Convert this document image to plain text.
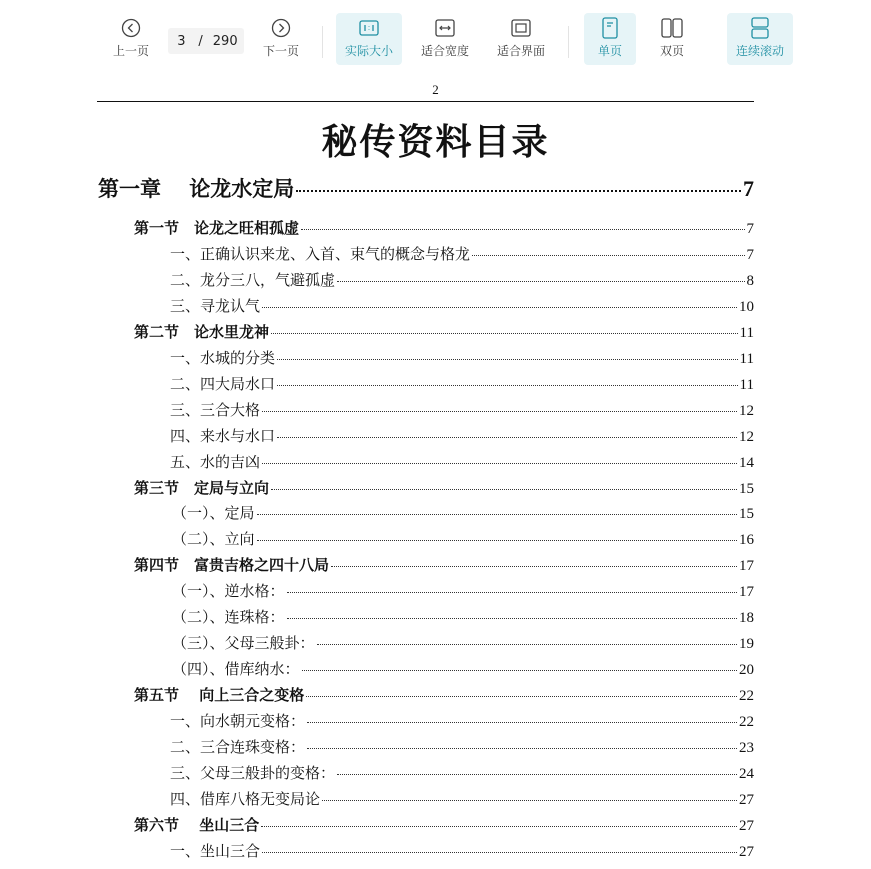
上一页
3 / 290
下一页	实际大小 适合宽度 适合界面	单页	双页	连续滚动
2
秘传资料目录
第一章　 论龙水定局	7
第一节　论龙之旺相孤虚	7
一、正确认识来龙、入首、束气的概念与格龙	7
二、龙分三八，气避孤虚	8
三、寻龙认气	10
第二节　论水里龙神	11
一、水城的分类	11
二、四大局水口	11
三、三合大格	12
四、来水与水口	12
五、水的吉凶	14
第三节　定局与立向	15
（一）、定局	15
（二）、立向	16
第四节　富贵吉格之四十八局	17
（一）、逆水格：	17
（二）、连珠格：	18
（三）、父母三般卦：	19
（四）、借库纳水：	20
第五节　 向上三合之变格	22
一、向水朝元变格：	22
二、三合连珠变格：	23
三、父母三般卦的变格：	24
四、借库八格无变局论	27
第六节　 坐山三合	27
一、坐山三合	27
